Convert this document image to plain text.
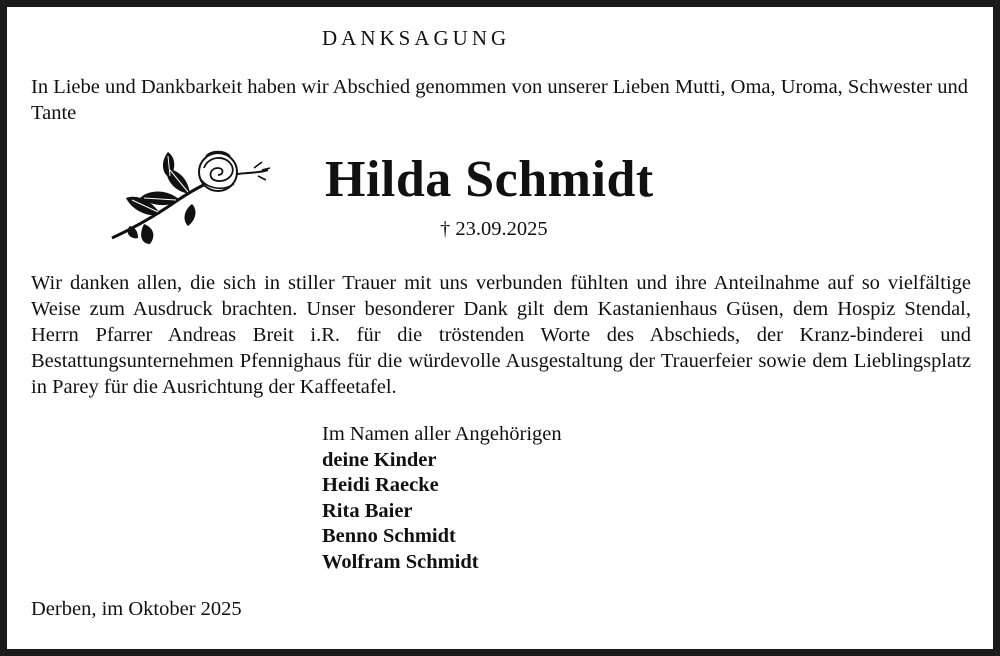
DANKSAGUNG

In Liebe und Dankbarkeit haben wir Abschied genommen von unserer Lieben Mutti, Oma, Uroma, Schwester und Tante

Hilda Schmidt

† 23.09.2025

Wir danken allen, die sich in stiller Trauer mit uns verbunden fühlten und ihre Anteilnahme auf so vielfältige Weise zum Ausdruck brachten. Unser besonderer Dank gilt dem Kastanienhaus Güsen, dem Hospiz Stendal, Herrn Pfarrer Andreas Breit i.R. für die tröstenden Worte des Abschieds, der Kranz-binderei und Bestattungsunternehmen Pfennighaus für die würdevolle Ausgestaltung der Trauerfeier sowie dem Lieblingsplatz in Parey für die Ausrichtung der Kaffeetafel.

Im Namen aller Angehörigen
deine Kinder
Heidi Raecke
Rita Baier
Benno Schmidt
Wolfram Schmidt

Derben, im Oktober 2025
